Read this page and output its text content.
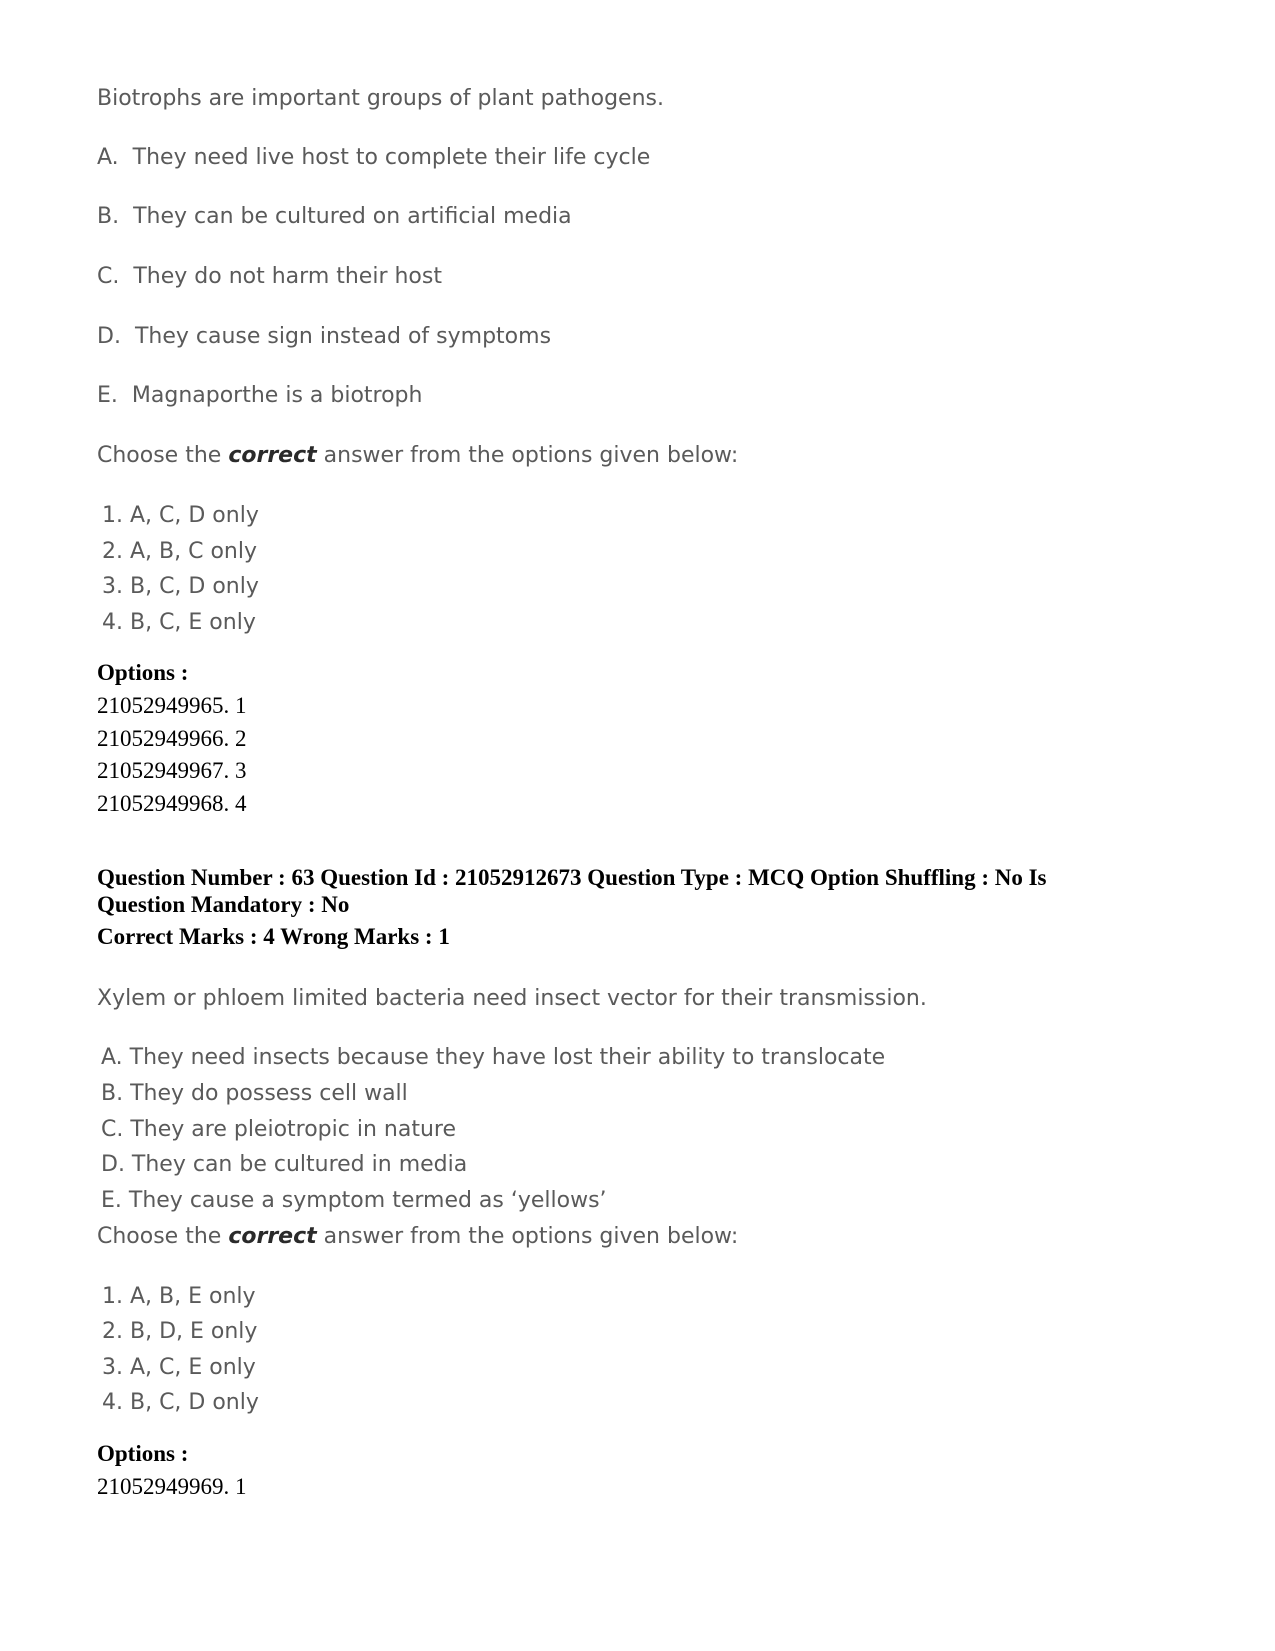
Biotrophs are important groups of plant pathogens.
A. They need live host to complete their life cycle
B. They can be cultured on artificial media
C. They do not harm their host
D. They cause sign instead of symptoms
E. Magnaporthe is a biotroph
Choose the correct answer from the options given below:
1. A, C, D only
2. A, B, C only
3. B, C, D only
4. B, C, E only
Options :
21052949965. 1
21052949966. 2
21052949967. 3
21052949968. 4
Question Number : 63 Question Id : 21052912673 Question Type : MCQ Option Shuffling : No Is
Question Mandatory : No
Correct Marks : 4 Wrong Marks : 1
Xylem or phloem limited bacteria need insect vector for their transmission.
A. They need insects because they have lost their ability to translocate
B. They do possess cell wall
C. They are pleiotropic in nature
D. They can be cultured in media
E. They cause a symptom termed as ‘yellows’
Choose the correct answer from the options given below:
1. A, B, E only
2. B, D, E only
3. A, C, E only
4. B, C, D only
Options :
21052949969. 1
